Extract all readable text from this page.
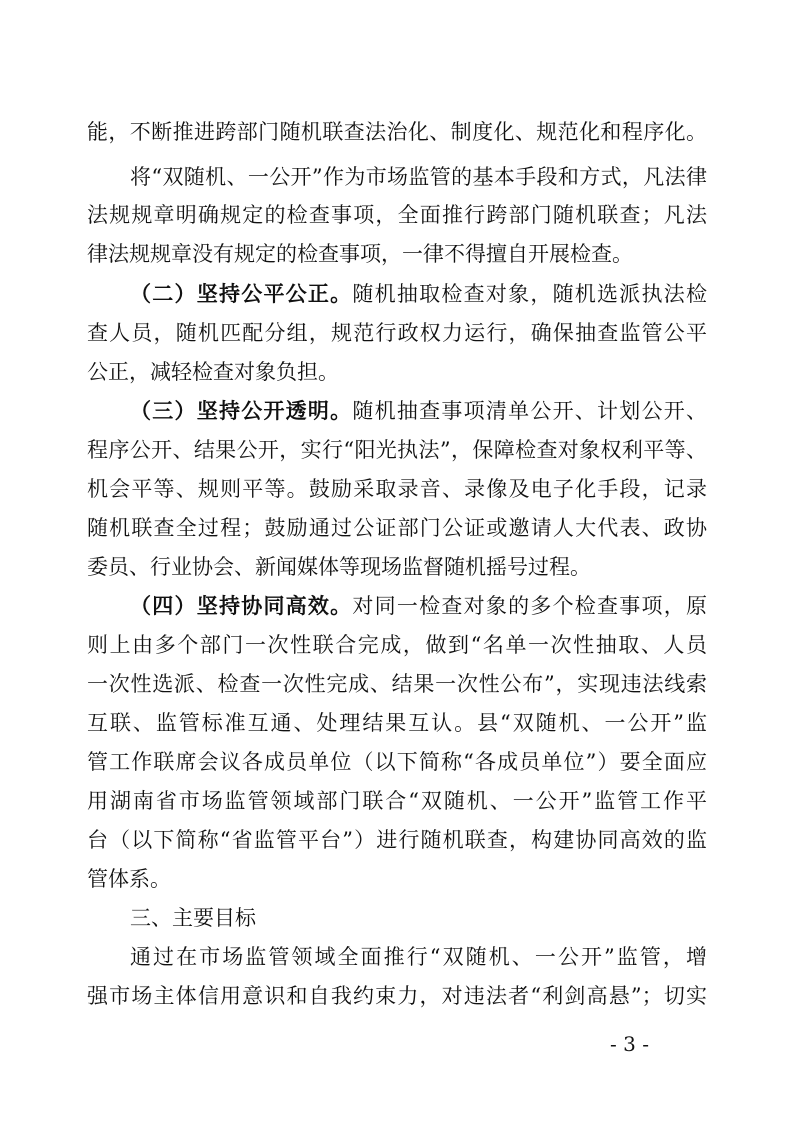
能，不断推进跨部门随机联查法治化、制度化、规范化和程序化。
将“双随机、一公开”作为市场监管的基本手段和方式，凡法律
法规规章明确规定的检查事项，全面推行跨部门随机联查；凡法
律法规规章没有规定的检查事项，一律不得擅自开展检查。
（二）坚持公平公正。随机抽取检查对象，随机选派执法检
查人员，随机匹配分组，规范行政权力运行，确保抽查监管公平
公正，减轻检查对象负担。
（三）坚持公开透明。随机抽查事项清单公开、计划公开、
程序公开、结果公开，实行“阳光执法”，保障检查对象权利平等、
机会平等、规则平等。鼓励采取录音、录像及电子化手段，记录
随机联查全过程；鼓励通过公证部门公证或邀请人大代表、政协
委员、行业协会、新闻媒体等现场监督随机摇号过程。
（四）坚持协同高效。对同一检查对象的多个检查事项，原
则上由多个部门一次性联合完成，做到“名单一次性抽取、人员
一次性选派、检查一次性完成、结果一次性公布”，实现违法线索
互联、监管标准互通、处理结果互认。县“双随机、一公开”监
管工作联席会议各成员单位（以下简称“各成员单位”）要全面应
用湖南省市场监管领域部门联合“双随机、一公开”监管工作平
台（以下简称“省监管平台”）进行随机联查，构建协同高效的监
管体系。
三、主要目标
通过在市场监管领域全面推行“双随机、一公开”监管，增
强市场主体信用意识和自我约束力，对违法者“利剑高悬”；切实
- 3 -
